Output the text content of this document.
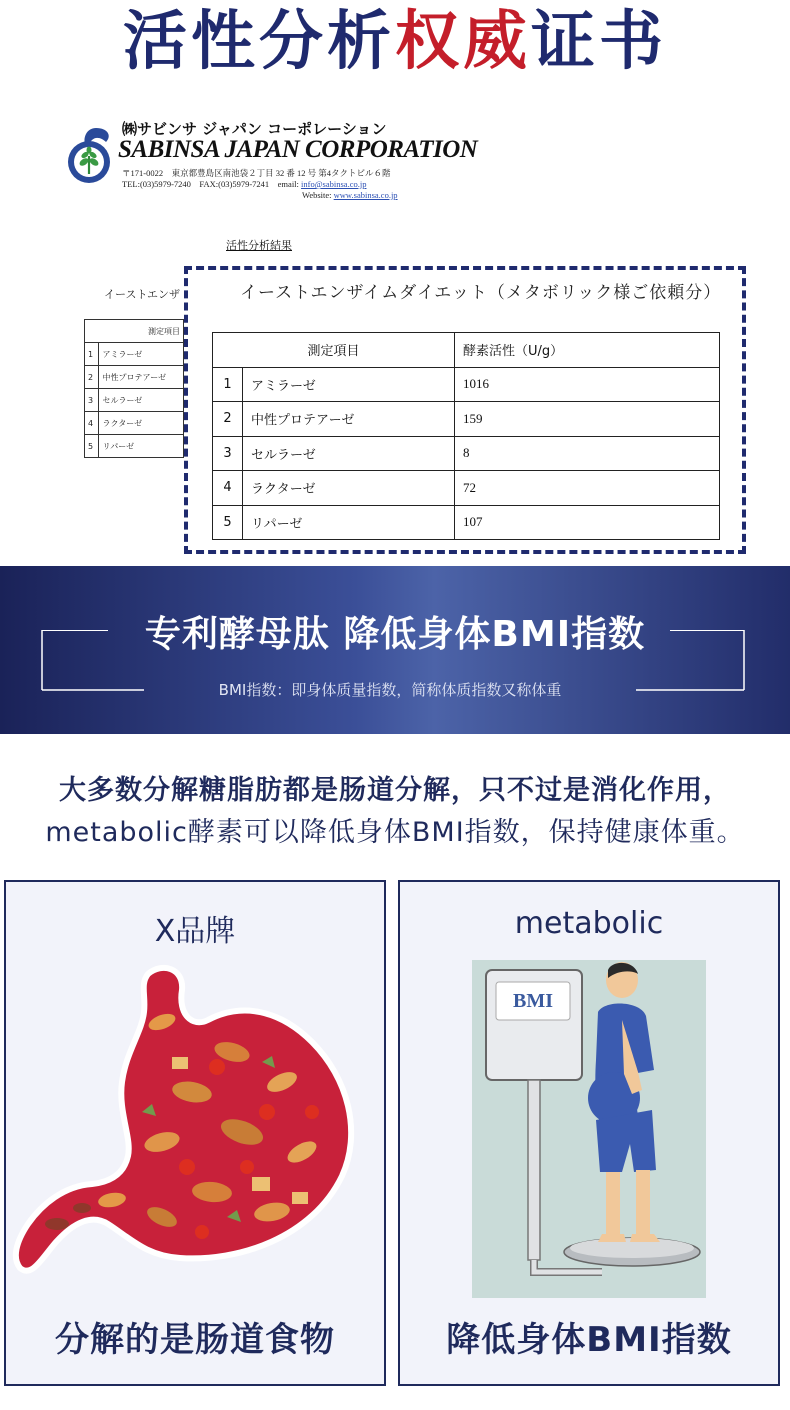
活性分析权威证书
㈱サビンサ ジャパン コーポレーション
SABINSA JAPAN CORPORATION
〒171-0022　東京都豊島区南池袋２丁目 32 番 12 号 第4タクトビル６階
TEL:(03)5979-7240　FAX:(03)5979-7241　email: info@sabinsa.co.jp
Website: www.sabinsa.co.jp
活性分析結果
イーストエンザ
測定項目	
1	アミラーゼ
2	中性プロテアーゼ
3	セルラーゼ
4	ラクターゼ
5	リパーゼ
イーストエンザイムダイエット（メタボリック様ご依頼分）
測定項目		酵素活性（U/g）
1	アミラーゼ	1016
2	中性プロテアーゼ	159
3	セルラーゼ	8
4	ラクターゼ	72
5	リパーゼ	107
专利酵母肽 降低身体BMI指数
BMI指数：即身体质量指数，简称体质指数又称体重
大多数分解糖脂肪都是肠道分解，只不过是消化作用，
metabolic酵素可以降低身体BMI指数，保持健康体重。
X品牌
分解的是肠道食物
metabolic
BMI
降低身体BMI指数
